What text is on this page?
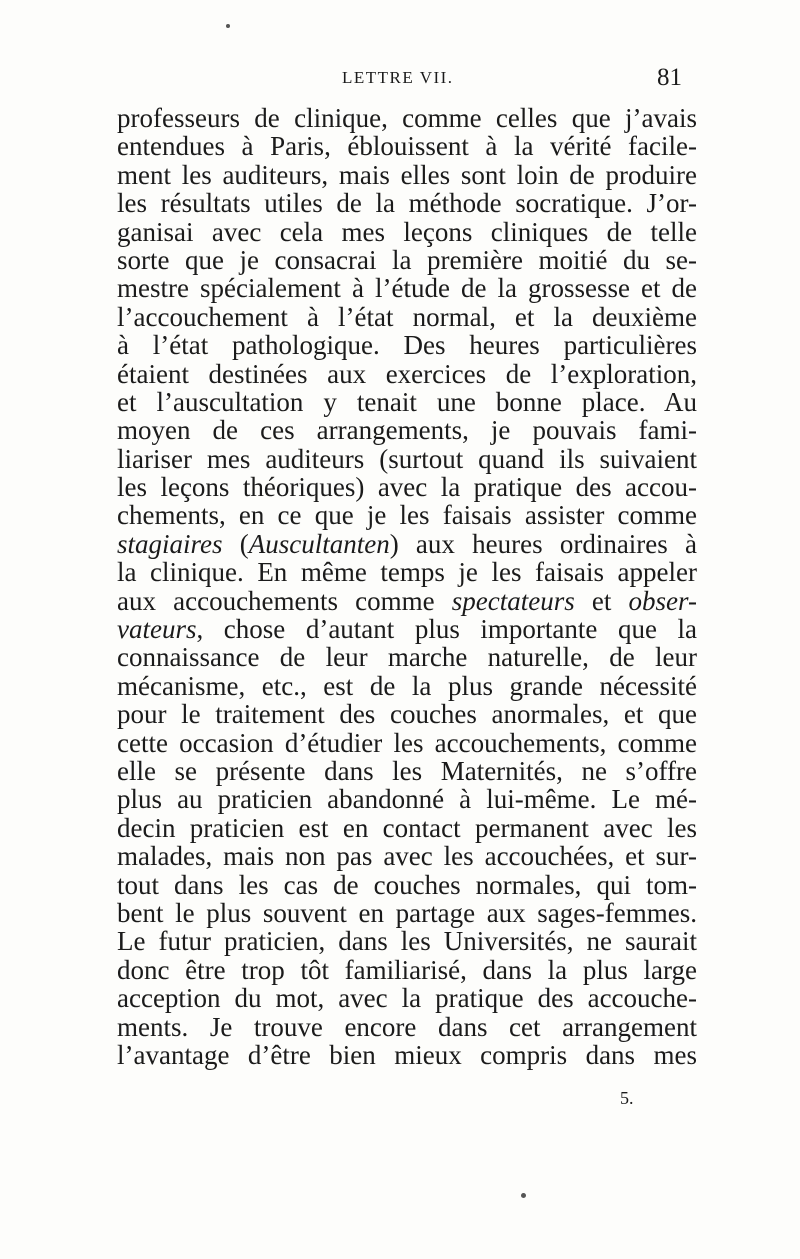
LETTRE VII.	81
professeurs de clinique, comme celles que j’avais
entendues à Paris, éblouissent à la vérité facile-
ment les auditeurs, mais elles sont loin de produire
les résultats utiles de la méthode socratique. J’or-
ganisai avec cela mes leçons cliniques de telle
sorte que je consacrai la première moitié du se-
mestre spécialement à l’étude de la grossesse et de
l’accouchement à l’état normal, et la deuxième
à l’état pathologique. Des heures particulières
étaient destinées aux exercices de l’exploration,
et l’auscultation y tenait une bonne place. Au
moyen de ces arrangements, je pouvais fami-
liariser mes auditeurs (surtout quand ils suivaient
les leçons théoriques) avec la pratique des accou-
chements, en ce que je les faisais assister comme
stagiaires (Auscultanten) aux heures ordinaires à
la clinique. En même temps je les faisais appeler
aux accouchements comme spectateurs et obser-
vateurs, chose d’autant plus importante que la
connaissance de leur marche naturelle, de leur
mécanisme, etc., est de la plus grande nécessité
pour le traitement des couches anormales, et que
cette occasion d’étudier les accouchements, comme
elle se présente dans les Maternités, ne s’offre
plus au praticien abandonné à lui-même. Le mé-
decin praticien est en contact permanent avec les
malades, mais non pas avec les accouchées, et sur-
tout dans les cas de couches normales, qui tom-
bent le plus souvent en partage aux sages-femmes.
Le futur praticien, dans les Universités, ne saurait
donc être trop tôt familiarisé, dans la plus large
acception du mot, avec la pratique des accouche-
ments. Je trouve encore dans cet arrangement
l’avantage d’être bien mieux compris dans mes
5.
